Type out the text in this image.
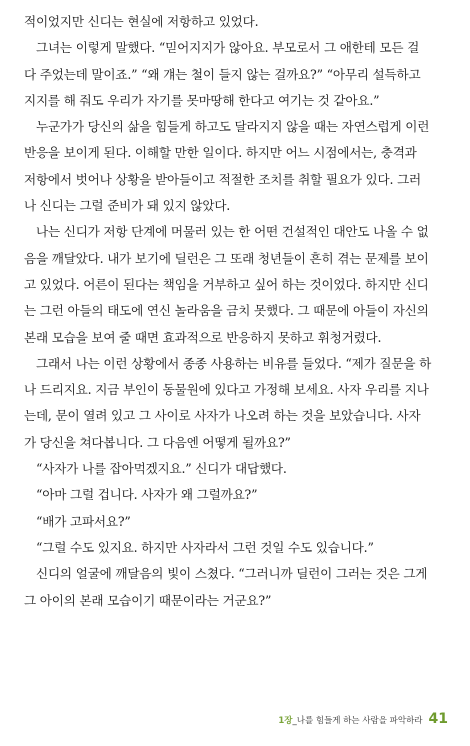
적이었지만 신디는 현실에 저항하고 있었다.
그녀는 이렇게 말했다. “믿어지지가 않아요. 부모로서 그 애한테 모든 걸
다 주었는데 말이죠.” “왜 걔는 철이 들지 않는 걸까요?” “아무리 설득하고
지지를 해 줘도 우리가 자기를 못마땅해 한다고 여기는 것 같아요.”
누군가가 당신의 삶을 힘들게 하고도 달라지지 않을 때는 자연스럽게 이런
반응을 보이게 된다. 이해할 만한 일이다. 하지만 어느 시점에서는, 충격과
저항에서 벗어나 상황을 받아들이고 적절한 조치를 취할 필요가 있다. 그러
나 신디는 그럴 준비가 돼 있지 않았다.
나는 신디가 저항 단계에 머물러 있는 한 어떤 건설적인 대안도 나올 수 없
음을 깨달았다. 내가 보기에 딜런은 그 또래 청년들이 흔히 겪는 문제를 보이
고 있었다. 어른이 된다는 책임을 거부하고 싶어 하는 것이었다. 하지만 신디
는 그런 아들의 태도에 연신 놀라움을 금치 못했다. 그 때문에 아들이 자신의
본래 모습을 보여 줄 때면 효과적으로 반응하지 못하고 휘청거렸다.
그래서 나는 이런 상황에서 종종 사용하는 비유를 들었다. “제가 질문을 하
나 드리지요. 지금 부인이 동물원에 있다고 가정해 보세요. 사자 우리를 지나
는데, 문이 열려 있고 그 사이로 사자가 나오려 하는 것을 보았습니다. 사자
가 당신을 쳐다봅니다. 그 다음엔 어떻게 될까요?”
“사자가 나를 잡아먹겠지요.” 신디가 대답했다.
“아마 그럴 겁니다. 사자가 왜 그럴까요?”
“배가 고파서요?”
“그럴 수도 있지요. 하지만 사자라서 그런 것일 수도 있습니다.”
신디의 얼굴에 깨달음의 빛이 스쳤다. “그러니까 딜런이 그러는 것은 그게
그 아이의 본래 모습이기 때문이라는 거군요?”
1장_나를 힘들게 하는 사람을 파악하라 41
